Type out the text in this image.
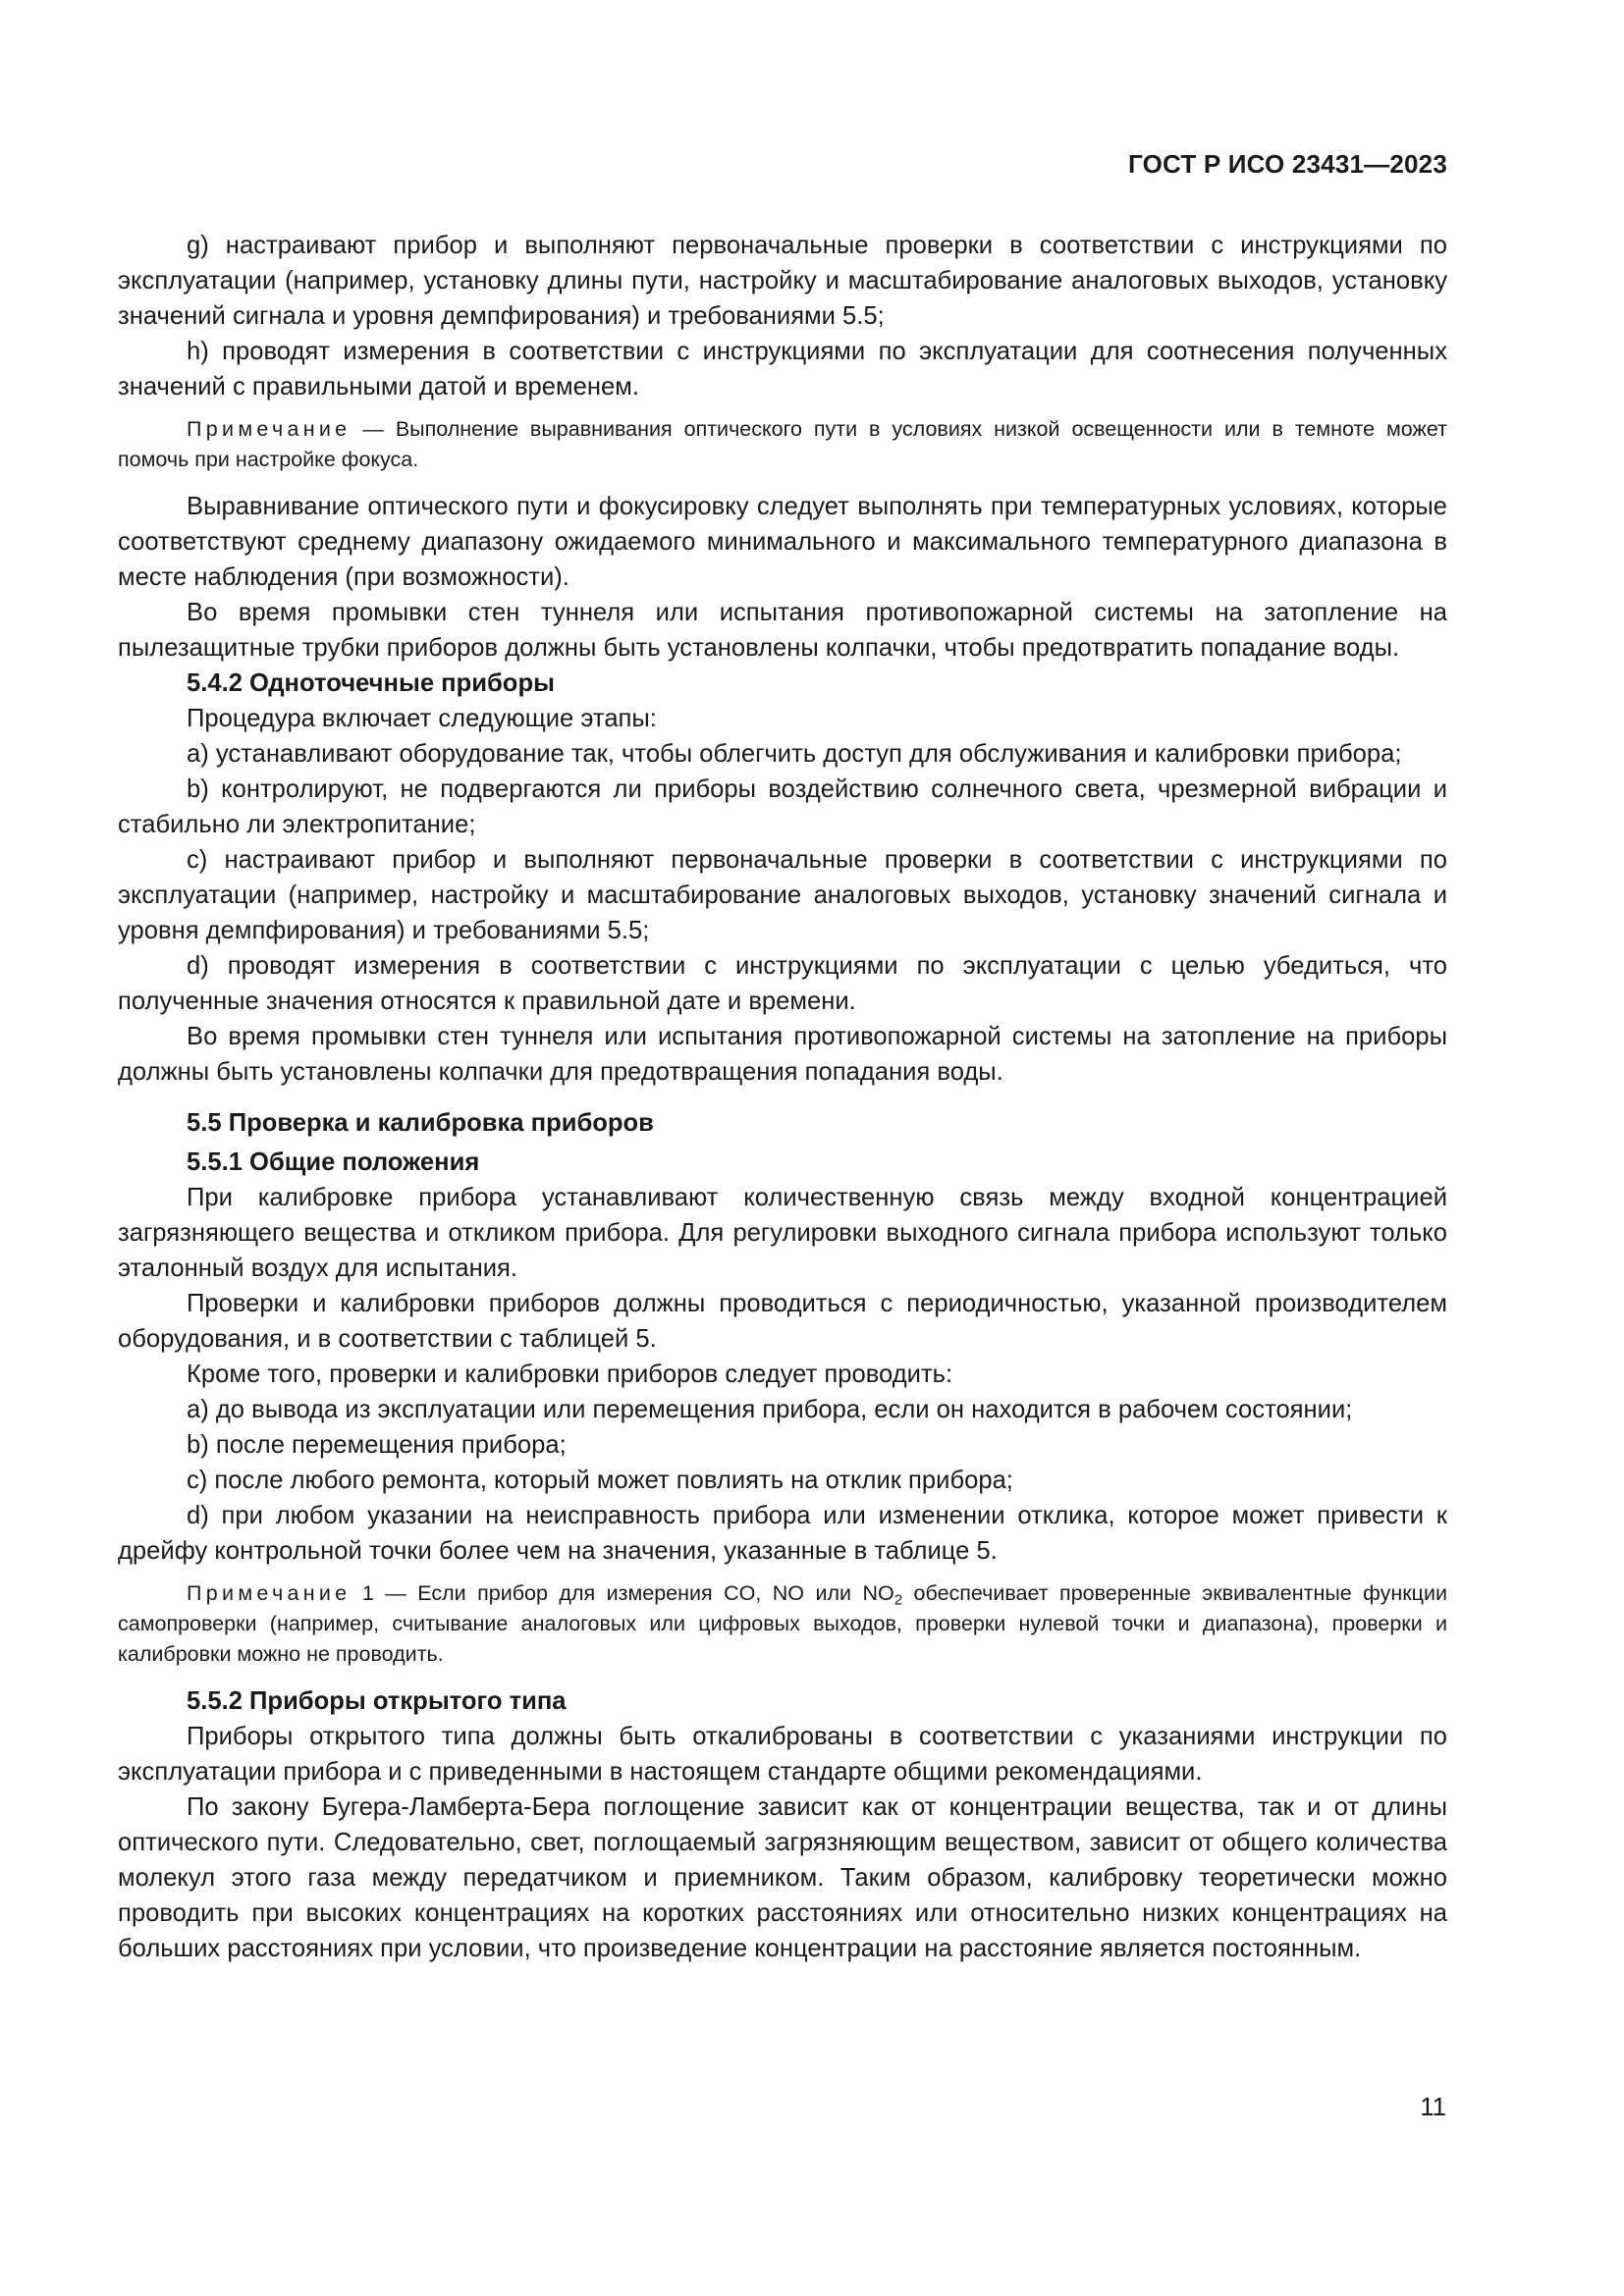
ГОСТ Р ИСО 23431—2023

g) настраивают прибор и выполняют первоначальные проверки в соответствии с инструкциями по эксплуатации (например, установку длины пути, настройку и масштабирование аналоговых выходов, установку значений сигнала и уровня демпфирования) и требованиями 5.5;

h) проводят измерения в соответствии с инструкциями по эксплуатации для соотнесения полученных значений с правильными датой и временем.

Примечание — Выполнение выравнивания оптического пути в условиях низкой освещенности или в темноте может помочь при настройке фокуса.

Выравнивание оптического пути и фокусировку следует выполнять при температурных условиях, которые соответствуют среднему диапазону ожидаемого минимального и максимального температурного диапазона в месте наблюдения (при возможности).

Во время промывки стен туннеля или испытания противопожарной системы на затопление на пылезащитные трубки приборов должны быть установлены колпачки, чтобы предотвратить попадание воды.

5.4.2 Одноточечные приборы

Процедура включает следующие этапы:

a) устанавливают оборудование так, чтобы облегчить доступ для обслуживания и калибровки прибора;

b) контролируют, не подвергаются ли приборы воздействию солнечного света, чрезмерной вибрации и стабильно ли электропитание;

c) настраивают прибор и выполняют первоначальные проверки в соответствии с инструкциями по эксплуатации (например, настройку и масштабирование аналоговых выходов, установку значений сигнала и уровня демпфирования) и требованиями 5.5;

d) проводят измерения в соответствии с инструкциями по эксплуатации с целью убедиться, что полученные значения относятся к правильной дате и времени.

Во время промывки стен туннеля или испытания противопожарной системы на затопление на приборы должны быть установлены колпачки для предотвращения попадания воды.

5.5 Проверка и калибровка приборов

5.5.1 Общие положения

При калибровке прибора устанавливают количественную связь между входной концентрацией загрязняющего вещества и откликом прибора. Для регулировки выходного сигнала прибора используют только эталонный воздух для испытания.

Проверки и калибровки приборов должны проводиться с периодичностью, указанной производителем оборудования, и в соответствии с таблицей 5.

Кроме того, проверки и калибровки приборов следует проводить:

a) до вывода из эксплуатации или перемещения прибора, если он находится в рабочем состоянии;

b) после перемещения прибора;

c) после любого ремонта, который может повлиять на отклик прибора;

d) при любом указании на неисправность прибора или изменении отклика, которое может привести к дрейфу контрольной точки более чем на значения, указанные в таблице 5.

Примечание 1 — Если прибор для измерения CO, NO или $NO_2$ обеспечивает проверенные эквивалентные функции самопроверки (например, считывание аналоговых или цифровых выходов, проверки нулевой точки и диапазона), проверки и калибровки можно не проводить.

5.5.2 Приборы открытого типа

Приборы открытого типа должны быть откалиброваны в соответствии с указаниями инструкции по эксплуатации прибора и с приведенными в настоящем стандарте общими рекомендациями.

По закону Бугера-Ламберта-Бера поглощение зависит как от концентрации вещества, так и от длины оптического пути. Следовательно, свет, поглощаемый загрязняющим веществом, зависит от общего количества молекул этого газа между передатчиком и приемником. Таким образом, калибровку теоретически можно проводить при высоких концентрациях на коротких расстояниях или относительно низких концентрациях на больших расстояниях при условии, что произведение концентрации на расстояние является постоянным.

11
